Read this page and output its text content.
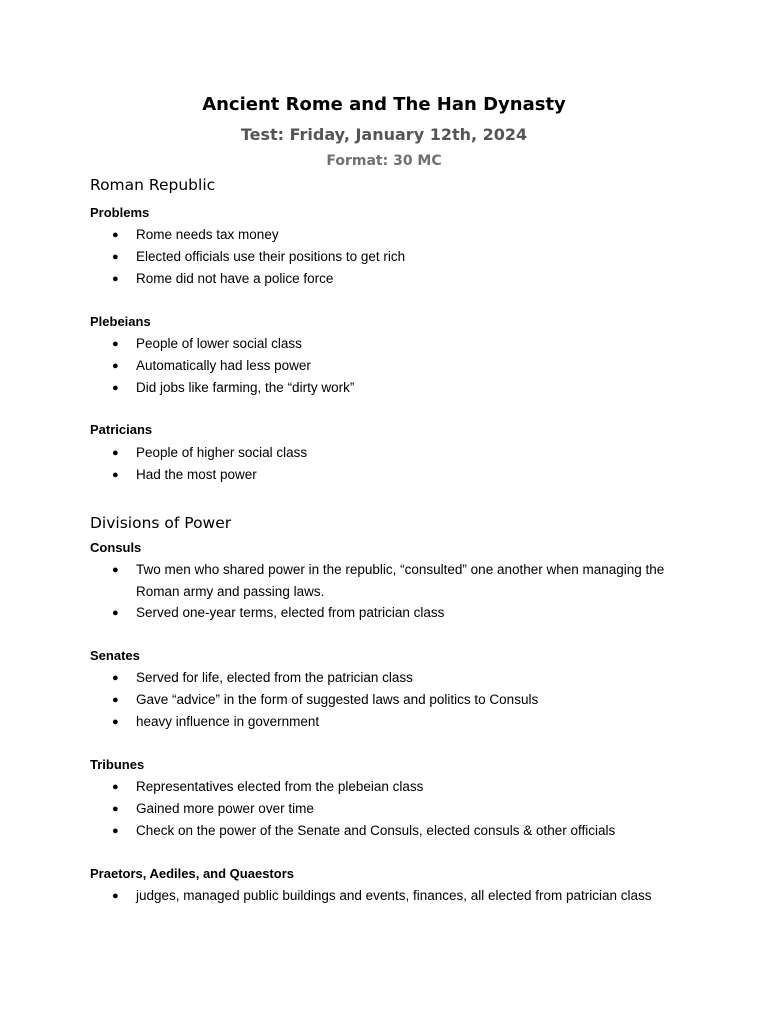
Ancient Rome and The Han Dynasty
Test: Friday, January 12th, 2024
Format: 30 MC
Roman Republic
Problems
●	Rome needs tax money
●	Elected officials use their positions to get rich
●	Rome did not have a police force
Plebeians
●	People of lower social class
●	Automatically had less power
●	Did jobs like farming, the “dirty work”
Patricians
●	People of higher social class
●	Had the most power
Divisions of Power
Consuls
●	Two men who shared power in the republic, “consulted” one another when managing the Roman army and passing laws.
●	Served one-year terms, elected from patrician class
Senates
●	Served for life, elected from the patrician class
●	Gave “advice” in the form of suggested laws and politics to Consuls
●	heavy influence in government
Tribunes
●	Representatives elected from the plebeian class
●	Gained more power over time
●	Check on the power of the Senate and Consuls, elected consuls & other officials
Praetors, Aediles, and Quaestors
●	judges, managed public buildings and events, finances, all elected from patrician class
